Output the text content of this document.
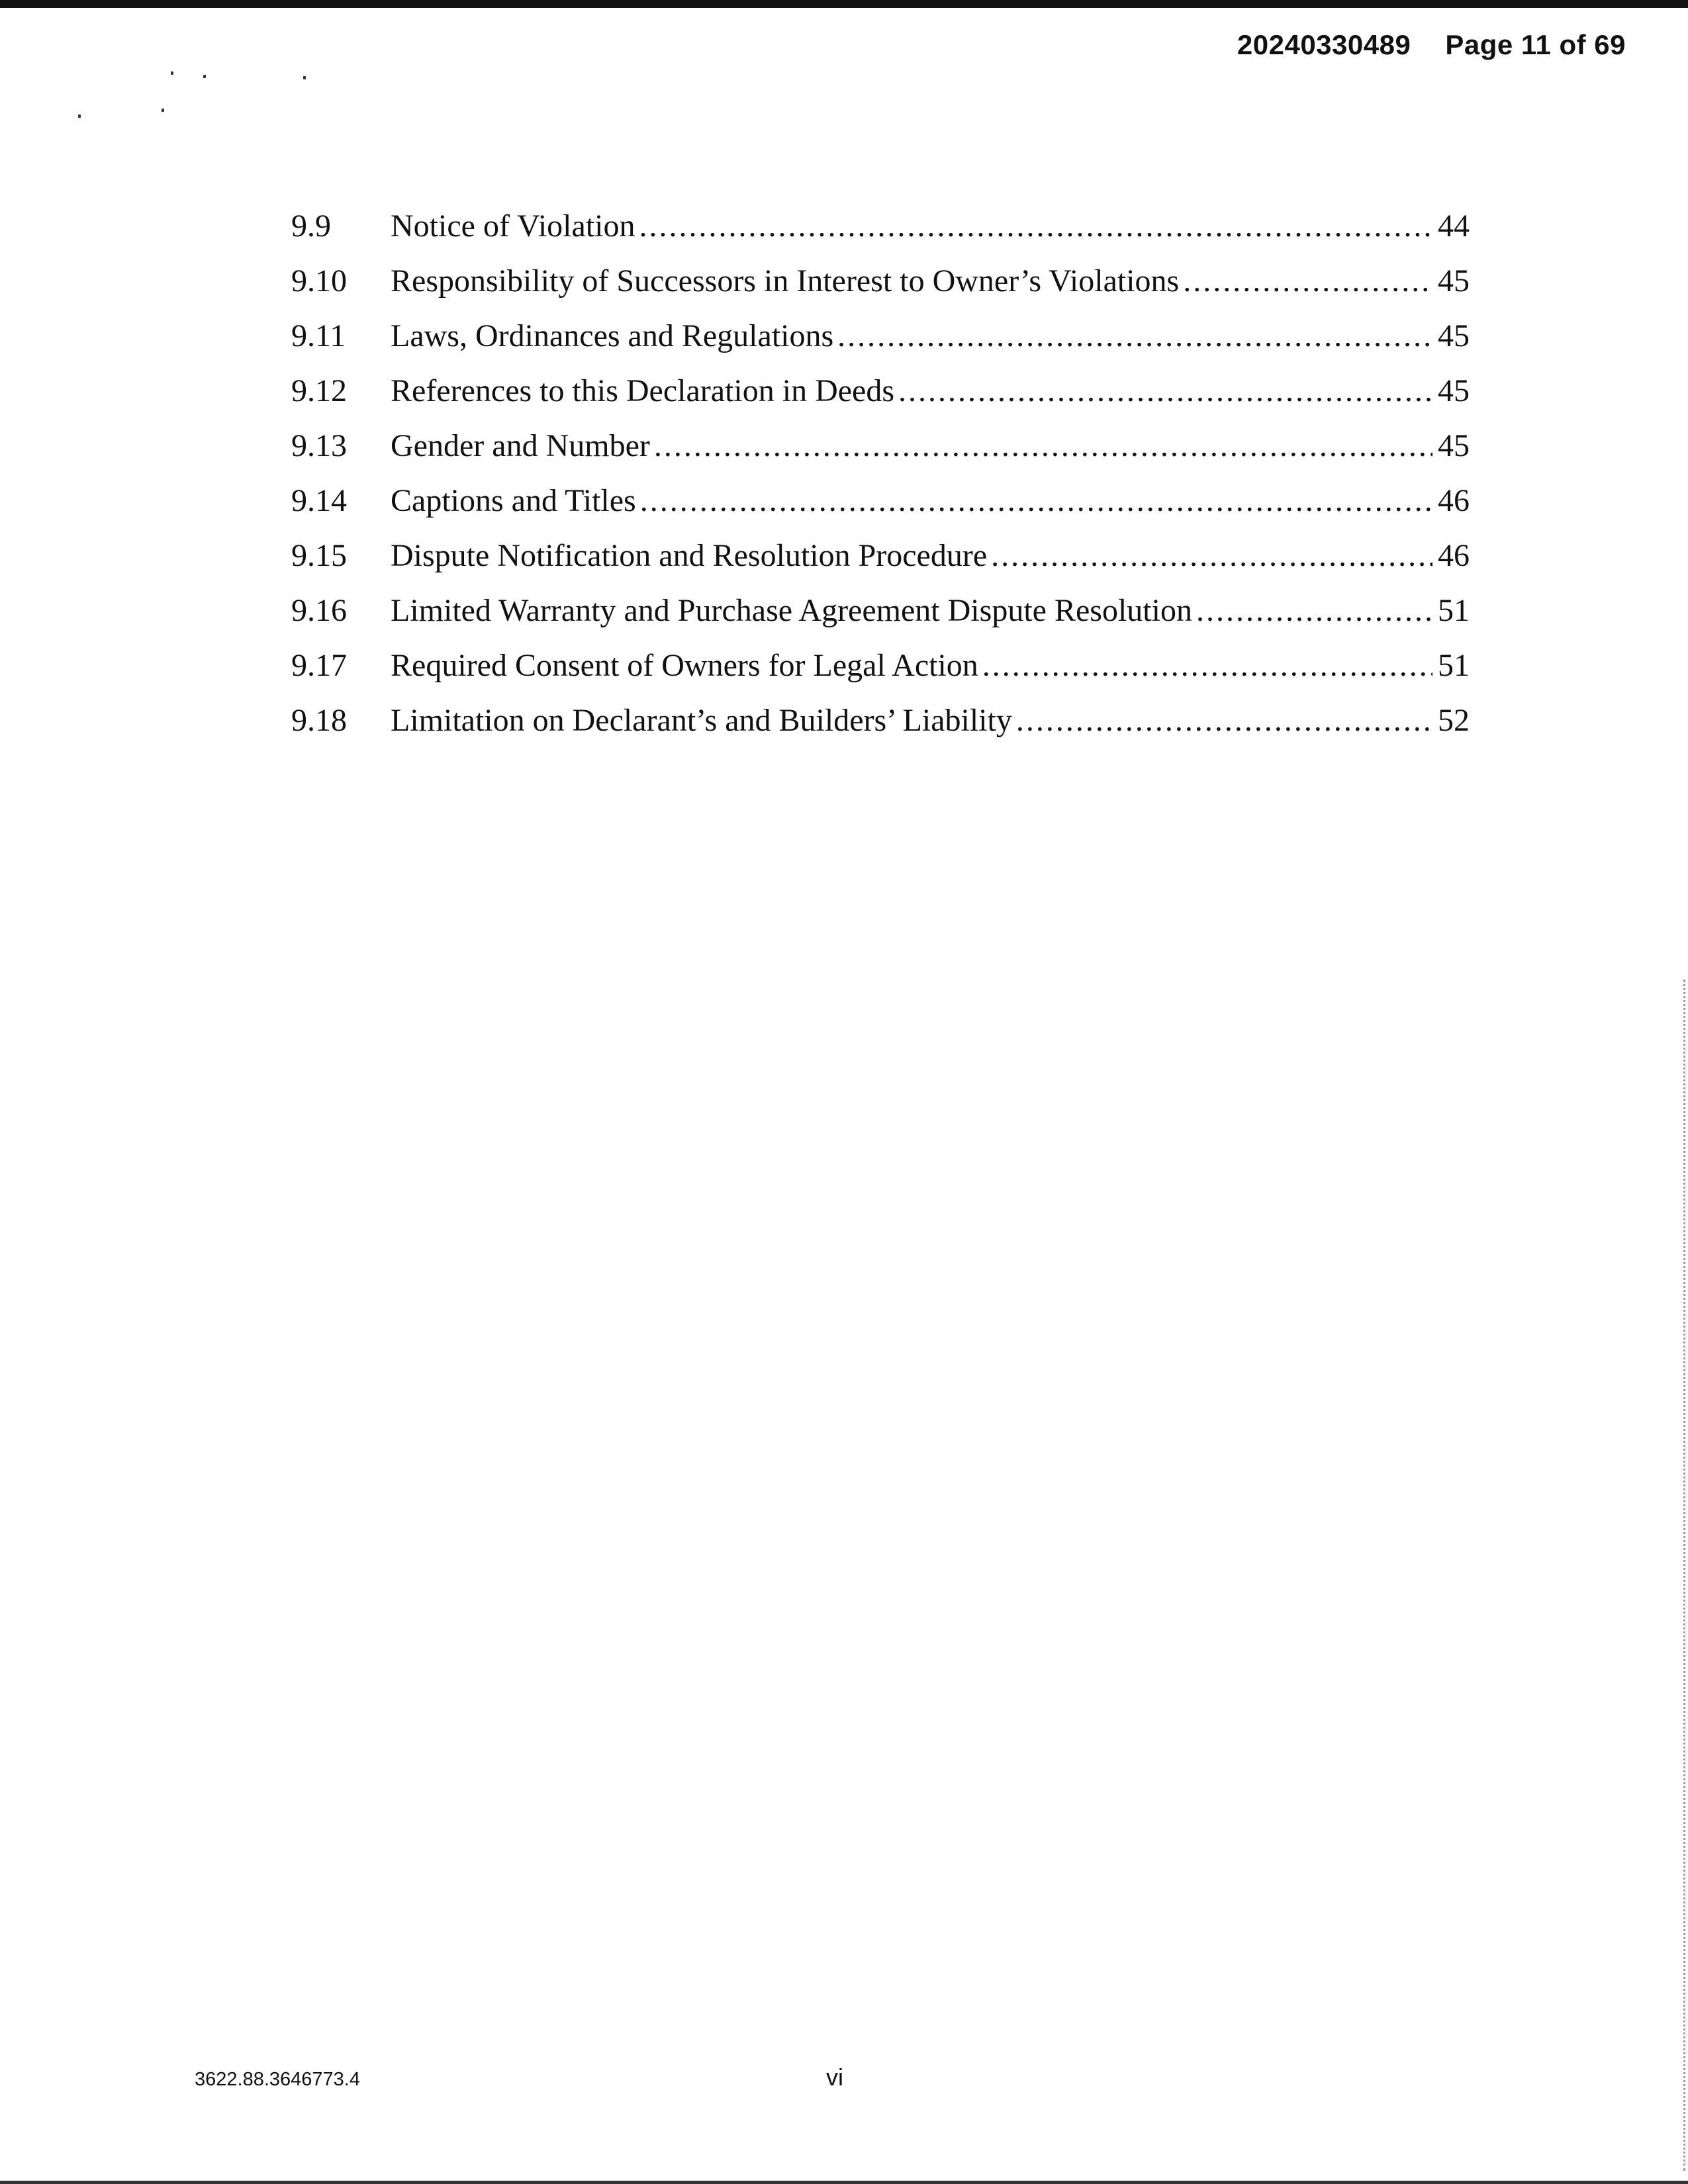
20240330489 Page 11 of 69
9.9	Notice of Violation .....	44
9.10	Responsibility of Successors in Interest to Owner’s Violations .....	45
9.11	Laws, Ordinances and Regulations .....	45
9.12	References to this Declaration in Deeds .....	45
9.13	Gender and Number .....	45
9.14	Captions and Titles .....	46
9.15	Dispute Notification and Resolution Procedure .....	46
9.16	Limited Warranty and Purchase Agreement Dispute Resolution .....	51
9.17	Required Consent of Owners for Legal Action .....	51
9.18	Limitation on Declarant’s and Builders’ Liability .....	52
3622.88.3646773.4	vi
